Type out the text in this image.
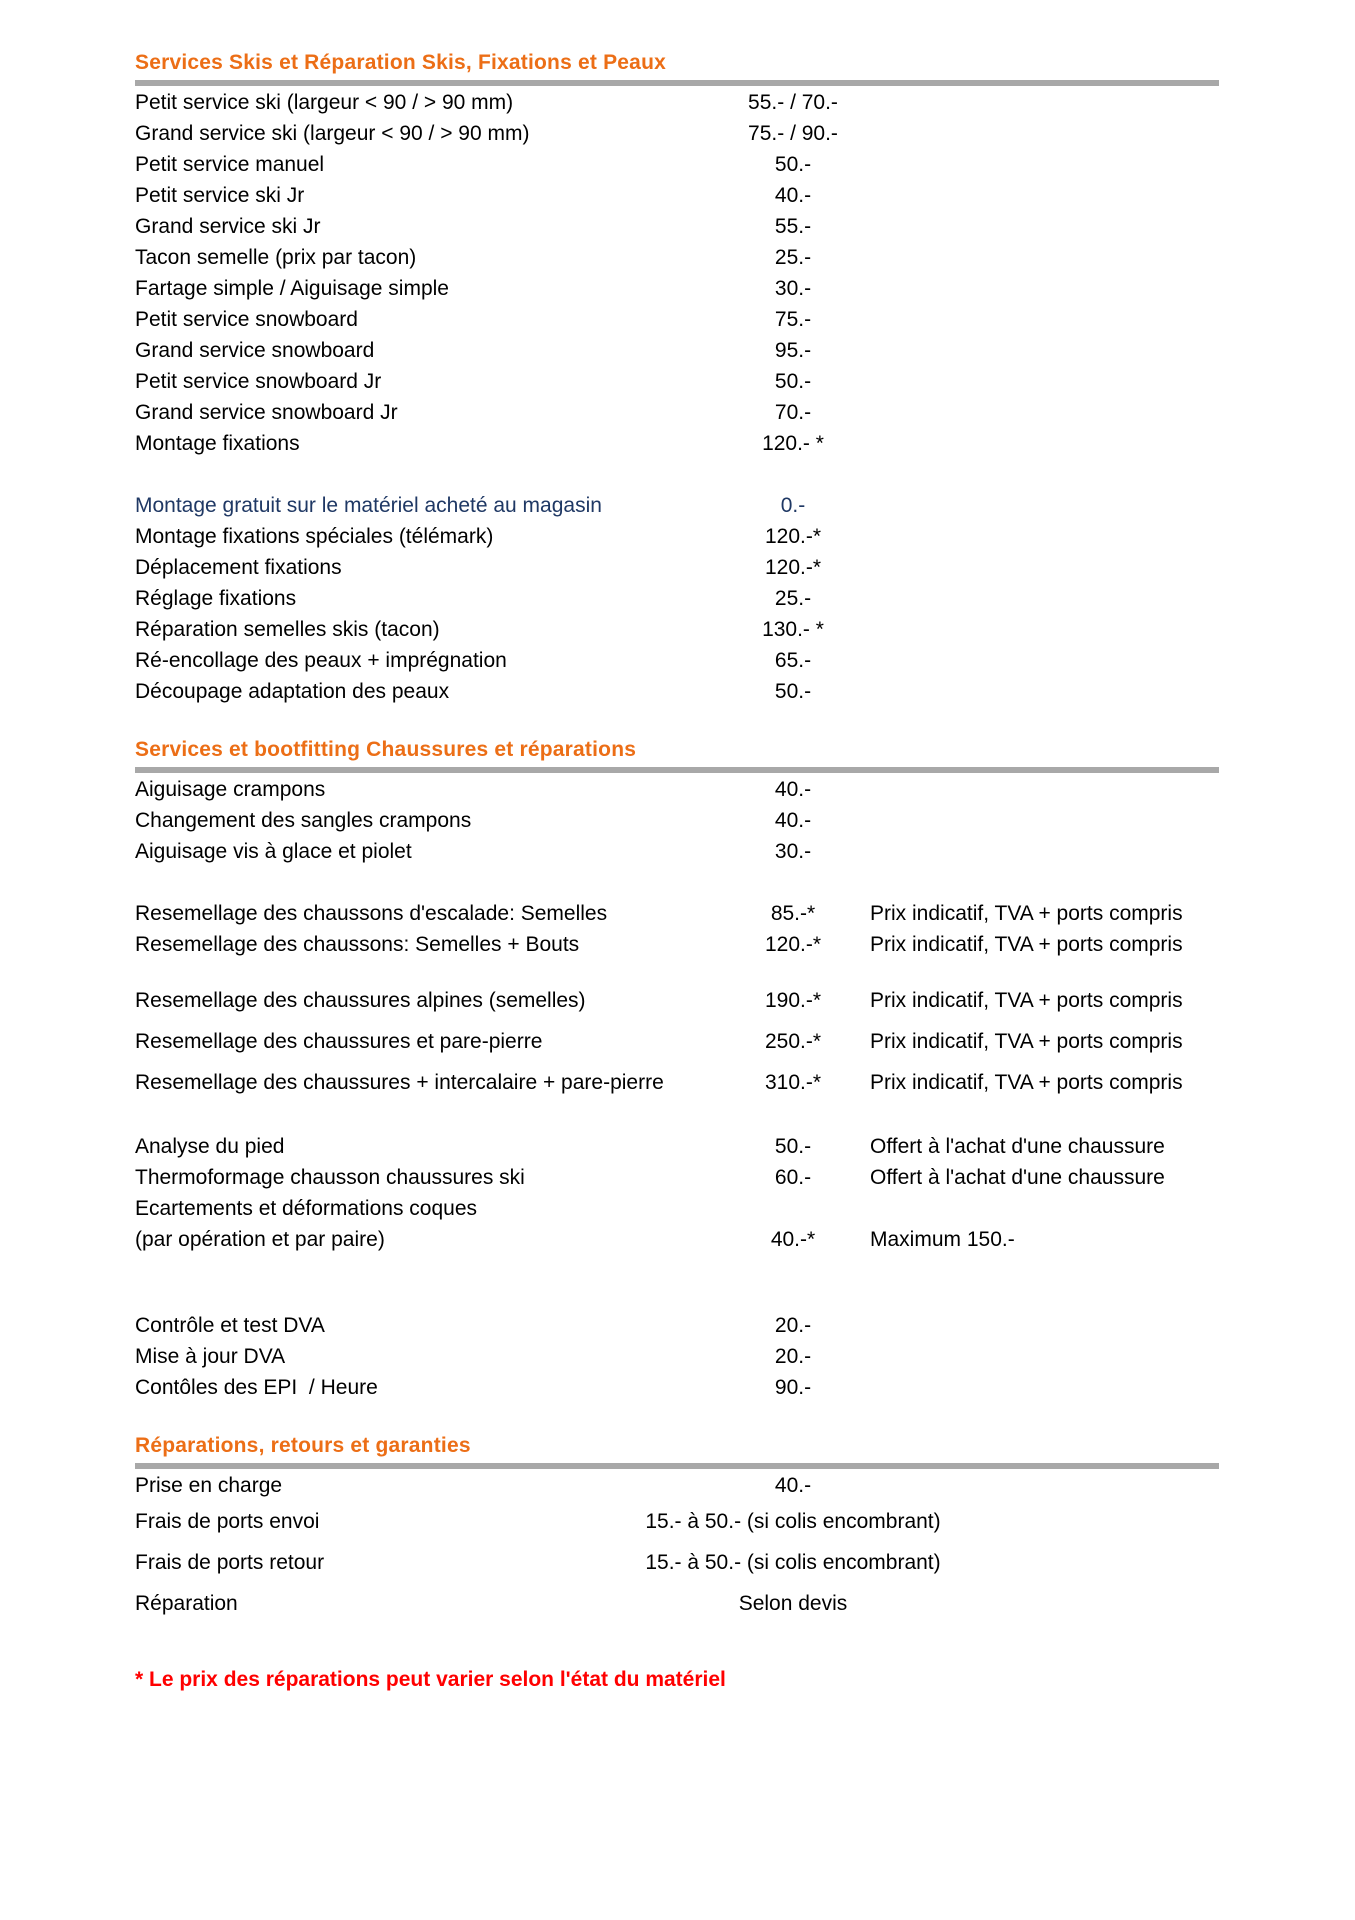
Services Skis et Réparation Skis, Fixations et Peaux
Petit service ski (largeur < 90 / > 90 mm)	55.- / 70.-
Grand service ski (largeur < 90 / > 90 mm)	75.- / 90.-
Petit service manuel	50.-
Petit service ski Jr	40.-
Grand service ski Jr	55.-
Tacon semelle (prix par tacon)	25.-
Fartage simple / Aiguisage simple	30.-
Petit service snowboard	75.-
Grand service snowboard	95.-
Petit service snowboard Jr	50.-
Grand service snowboard Jr	70.-
Montage fixations	120.- *
Montage gratuit sur le matériel acheté au magasin	0.-
Montage fixations spéciales (télémark)	120.-*
Déplacement fixations	120.-*
Réglage fixations	25.-
Réparation semelles skis (tacon)	130.- *
Ré-encollage des peaux + imprégnation	65.-
Découpage adaptation des peaux	50.-
Services et bootfitting Chaussures et réparations
Aiguisage crampons	40.-
Changement des sangles crampons	40.-
Aiguisage vis à glace et piolet	30.-
Resemellage des chaussons d'escalade: Semelles	85.-*	Prix indicatif, TVA + ports compris
Resemellage des chaussons: Semelles + Bouts	120.-*	Prix indicatif, TVA + ports compris
Resemellage des chaussures alpines (semelles)	190.-*	Prix indicatif, TVA + ports compris
Resemellage des chaussures et pare-pierre	250.-*	Prix indicatif, TVA + ports compris
Resemellage des chaussures + intercalaire + pare-pierre	310.-*	Prix indicatif, TVA + ports compris
Analyse du pied	50.-	Offert à l'achat d'une chaussure
Thermoformage chausson chaussures ski	60.-	Offert à l'achat d'une chaussure
Ecartements et déformations coques
(par opération et par paire)	40.-*	Maximum 150.-
Contrôle et test DVA	20.-
Mise à jour DVA	20.-
Contôles des EPI  / Heure	90.-
Réparations, retours et garanties
Prise en charge	40.-
Frais de ports envoi	15.- à 50.- (si colis encombrant)
Frais de ports retour	15.- à 50.- (si colis encombrant)
Réparation	Selon devis
* Le prix des réparations peut varier selon l'état du matériel
